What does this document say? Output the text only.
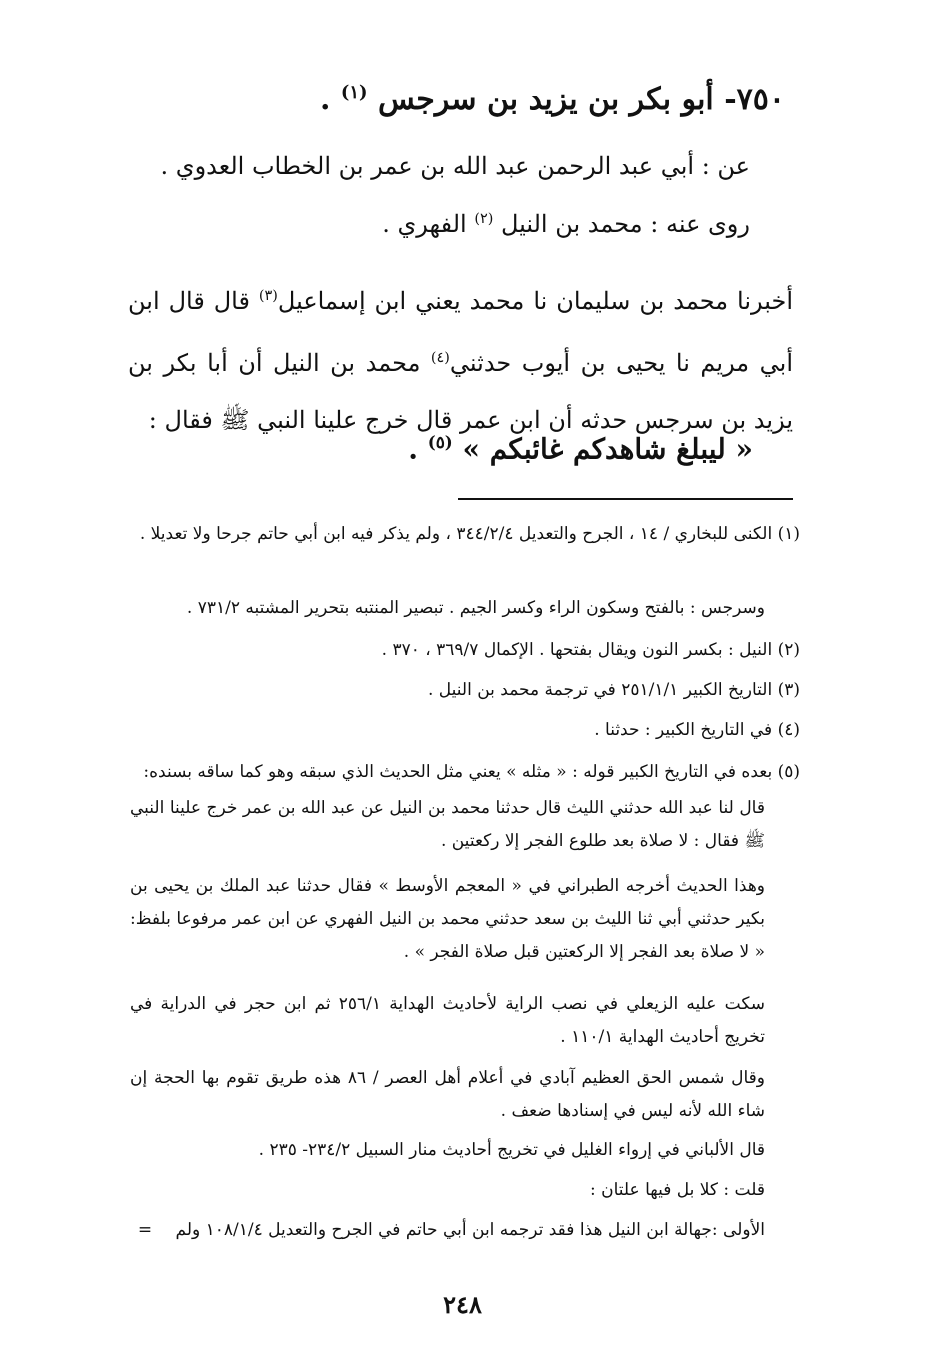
٧٥٠- أبو بكر بن يزيد بن سرجس $^{(١)}$ .
عن : أبي عبد الرحمن عبد الله بن عمر بن الخطاب العدوي .
روى عنه : محمد بن النيل $^{(٢)}$ الفهري .
أخبرنا محمد بن سليمان نا محمد يعني ابن إسماعيل$^{(٣)}$ قال قال ابن أبي مريم نا يحيى بن أيوب حدثني$^{(٤)}$ محمد بن النيل أن أبا بكر بن يزيد بن سرجس حدثه أن ابن عمر قال خرج علينا النبي ﷺ فقال :
« ليبلغ شاهدكم غائبكم » $^{(٥)}$ .
(١) الكنى للبخاري / ١٤ ، الجرح والتعديل ٣٤٤/٢/٤ ، ولم يذكر فيه ابن أبي حاتم جرحا ولا تعديلا .
وسرجس : بالفتح وسكون الراء وكسر الجيم . تبصير المنتبه بتحرير المشتبه ٧٣١/٢ .
(٢) النيل : بكسر النون ويقال بفتحها . الإكمال ٣٦٩/٧ ، ٣٧٠ .
(٣) التاريخ الكبير ٢٥١/١/١ في ترجمة محمد بن النيل .
(٤) في التاريخ الكبير : حدثنا .
(٥) بعده في التاريخ الكبير قوله : « مثله » يعني مثل الحديث الذي سبقه وهو كما ساقه بسنده:
قال لنا عبد الله حدثني الليث قال حدثنا محمد بن النيل عن عبد الله بن عمر خرج علينا النبي ﷺ فقال : لا صلاة بعد طلوع الفجر إلا ركعتين .
وهذا الحديث أخرجه الطبراني في « المعجم الأوسط » فقال حدثنا عبد الملك بن يحيى بن بكير حدثني أبي ثنا الليث بن سعد حدثني محمد بن النيل الفهري عن ابن عمر مرفوعا بلفظ: « لا صلاة بعد الفجر إلا الركعتين قبل صلاة الفجر » .
سكت عليه الزيعلي في نصب الراية لأحاديث الهداية ٢٥٦/١ ثم ابن حجر في الدراية في تخريج أحاديث الهداية ١١٠/١ .
وقال شمس الحق العظيم آبادي في أعلام أهل العصر / ٨٦ هذه طريق تقوم بها الحجة إن شاء الله لأنه ليس في إسنادها ضعف .
قال الألباني في إرواء الغليل في تخريج أحاديث منار السبيل ٢٣٤/٢- ٢٣٥ .
قلت : كلا بل فيها علتان :
الأولى :جهالة ابن النيل هذا فقد ترجمه ابن أبي حاتم في الجرح والتعديل ١٠٨/١/٤ ولم =
٢٤٨
